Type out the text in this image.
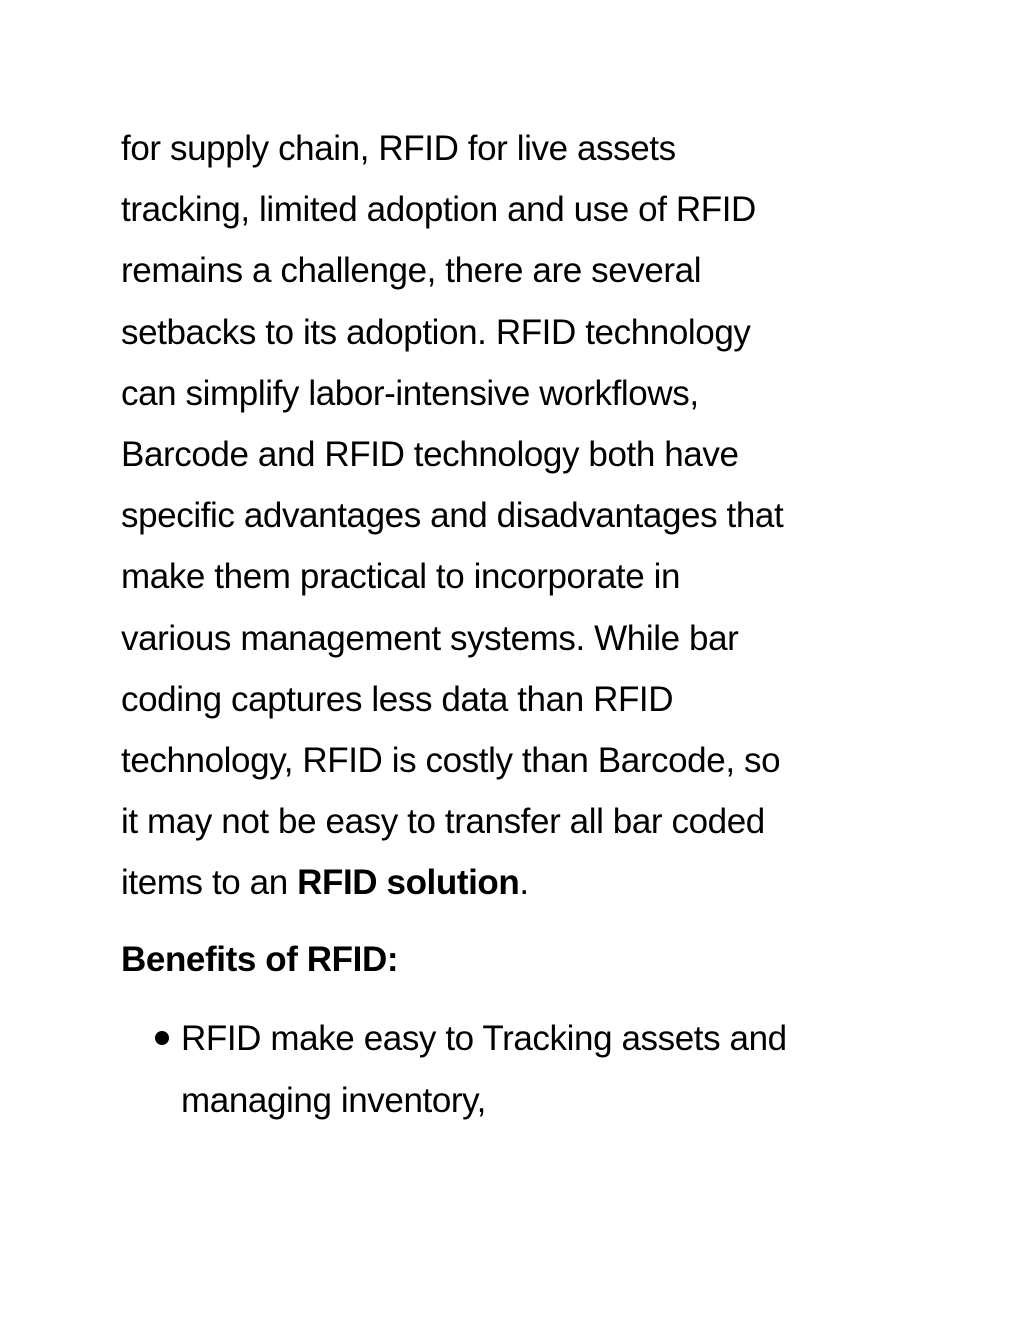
for supply chain, RFID for live assets
tracking, limited adoption and use of RFID
remains a challenge, there are several
setbacks to its adoption. RFID technology
can simplify labor-intensive workflows,
Barcode and RFID technology both have
specific advantages and disadvantages that
make them practical to incorporate in
various management systems. While bar
coding captures less data than RFID
technology, RFID is costly than Barcode, so
it may not be easy to transfer all bar coded
items to an RFID solution.

Benefits of RFID:
RFID make easy to Tracking assets and
managing inventory,
